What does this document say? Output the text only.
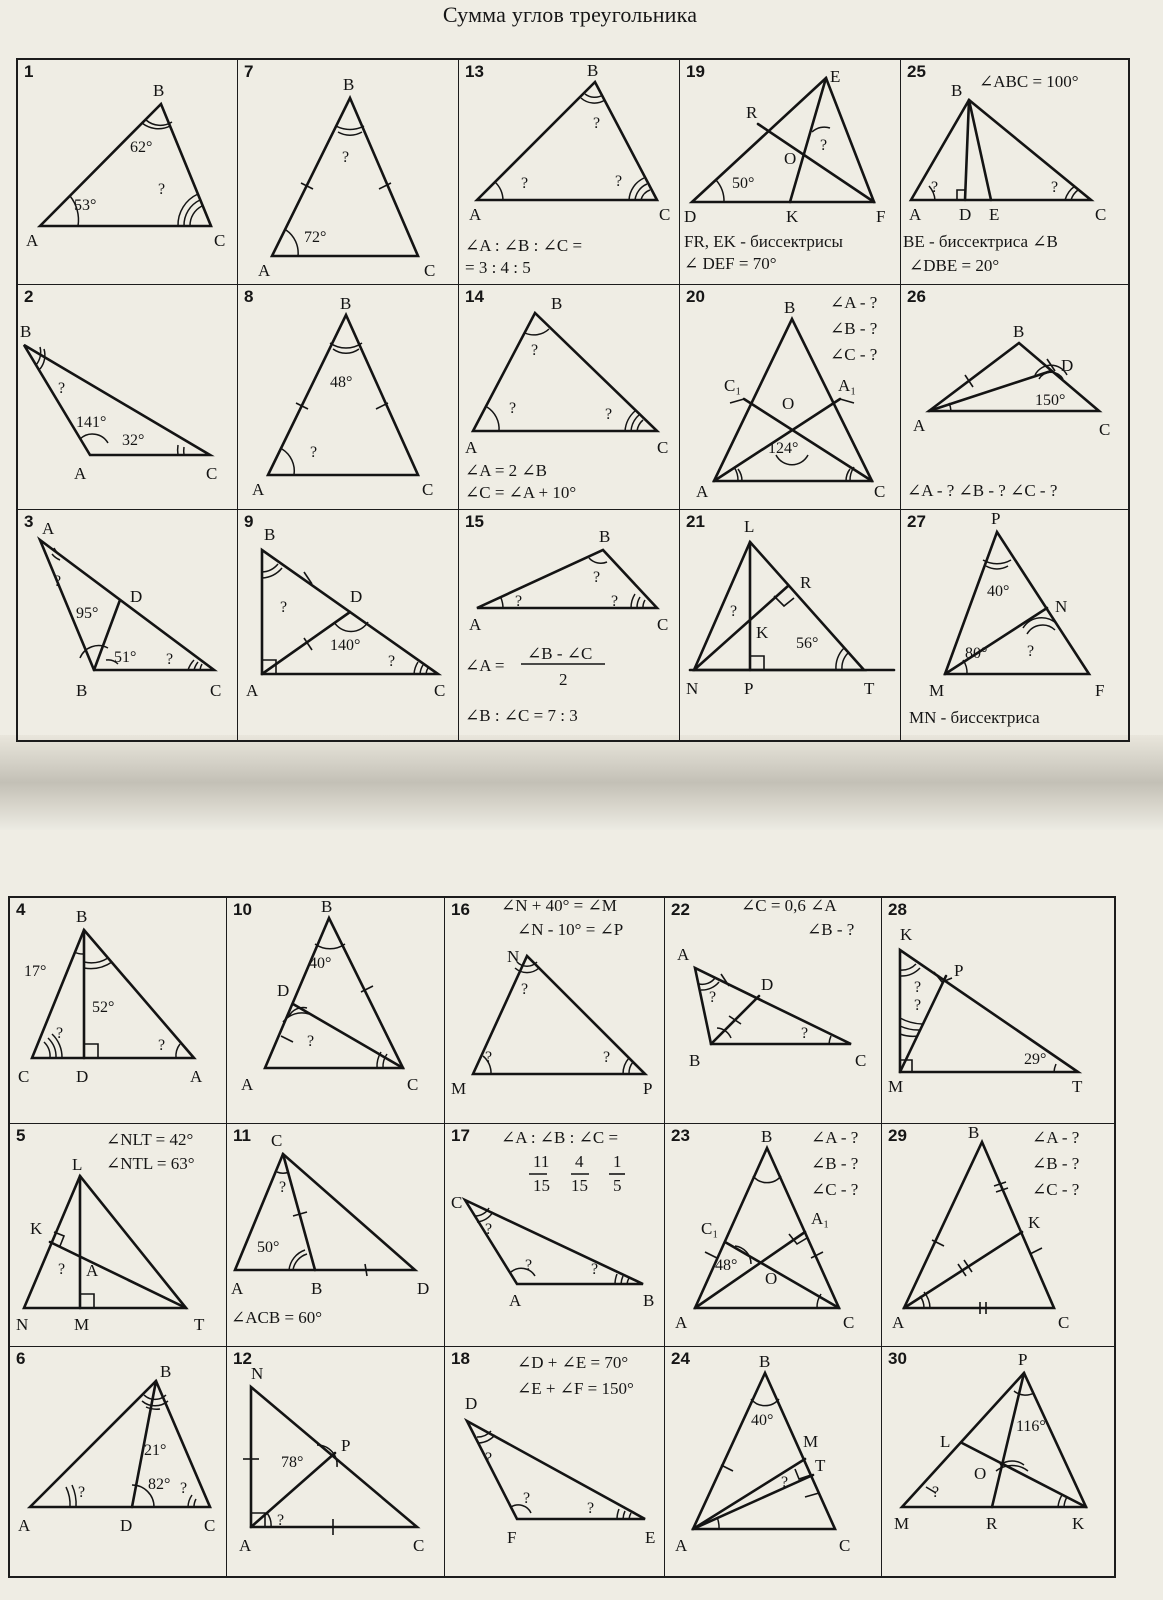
Сумма углов треугольника
1
A
B
C
53°
62°
?
7
B
A	C
?
72°
13
A
B
C
?
?
?
∠A : ∠B : ∠C =
= 3 : 4 : 5
19	E
R
O
D	K	F
50°
?
FR, EK - биссектрисы
∠ DEF = 70°
25
B
A D E	C
?	?
∠ABC = 100°
BE - биссектриса ∠B
∠DBE = 20°
2
B
A	C
?
141°
32°
8	B
A	C
48°
?
14
A
B
C
?
?
?
∠A = 2 ∠B
∠C = ∠A + 10°
20
B
C₁
O
A₁
A	C
124°
∠A - ?
∠B - ?
∠C - ?
26
B
D
A	C
150°
∠A - ? ∠B - ? ∠C - ?
3 A
D
B	C
?
95°
51° ?
9
B
D
A	C
?
140°
?
15
A
B
C
?
?
?
∠A =
∠B - ∠C
2
∠B : ∠C = 7 : 3
21 L
R
K
N	P	T
?
56°
27	P
N
M	F
40°
80° ?
MN - биссектриса
4	B
C	D	A
17°
52°
?
?
10	B
D
A	C
40°
?
16
N
M	P
?
?	?
∠N + 40° = ∠M
∠N - 10° = ∠P
22
A
D
B	C
?
?
∠C = 0,6 ∠A
∠B - ?
28
K
P
M	T
?
?
29°
5
L
K
A
N	M	T
?
∠NLT = 42°
∠NTL = 63°
11 C
A	B	D
?
50°
∠ACB = 60°
17
C
A	B
?
?	?
∠A : ∠B : ∠C =
11
15
4
15
1
5
23	B
C₁
A₁
O
A	C
48°
∠A - ?
∠B - ?
∠C - ?
29	B
K
A	C
∠A - ?
∠B - ?
∠C - ?
6
B
A	D	C
21°
?	82° ?
12
N
P
A	C
78°
?
18
D
F	E
?
?
?
∠D + ∠E = 70°
∠E + ∠F = 150°
24	B
M
T
A	C
40°
?
30	P
L
O
M	R	K
116°
?
